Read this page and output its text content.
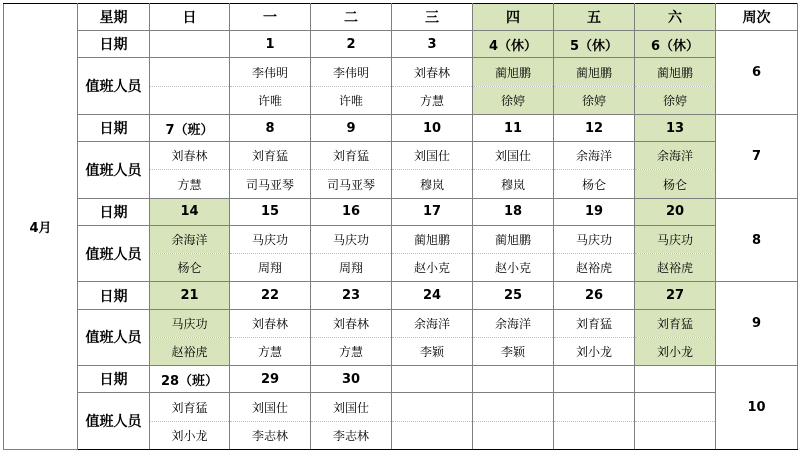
4月	星期	日	一	二	三	四	五	六	周次
	日期		1	2	3	4（休）	5（休）	6（休）	6
	值班人员		李伟明	李伟明	刘春林	蔺旭鹏	蔺旭鹏	蔺旭鹏	
			许唯	许唯	方慧	徐婷	徐婷	徐婷	
	日期	7（班）	8	9	10	11	12	13	7
	值班人员	刘春林	刘育猛	刘育猛	刘国仕	刘国仕	余海洋	余海洋	
		方慧	司马亚琴	司马亚琴	穆岚	穆岚	杨仑	杨仑	
	日期	14	15	16	17	18	19	20	8
	值班人员	余海洋	马庆功	马庆功	蔺旭鹏	蔺旭鹏	马庆功	马庆功	
		杨仑	周翔	周翔	赵小克	赵小克	赵裕虎	赵裕虎	
	日期	21	22	23	24	25	26	27	9
	值班人员	马庆功	刘春林	刘春林	余海洋	余海洋	刘育猛	刘育猛	
		赵裕虎	方慧	方慧	李颖	李颖	刘小龙	刘小龙	
	日期	28（班）	29	30					10
	值班人员	刘育猛	刘国仕	刘国仕					
		刘小龙	李志林	李志林					
